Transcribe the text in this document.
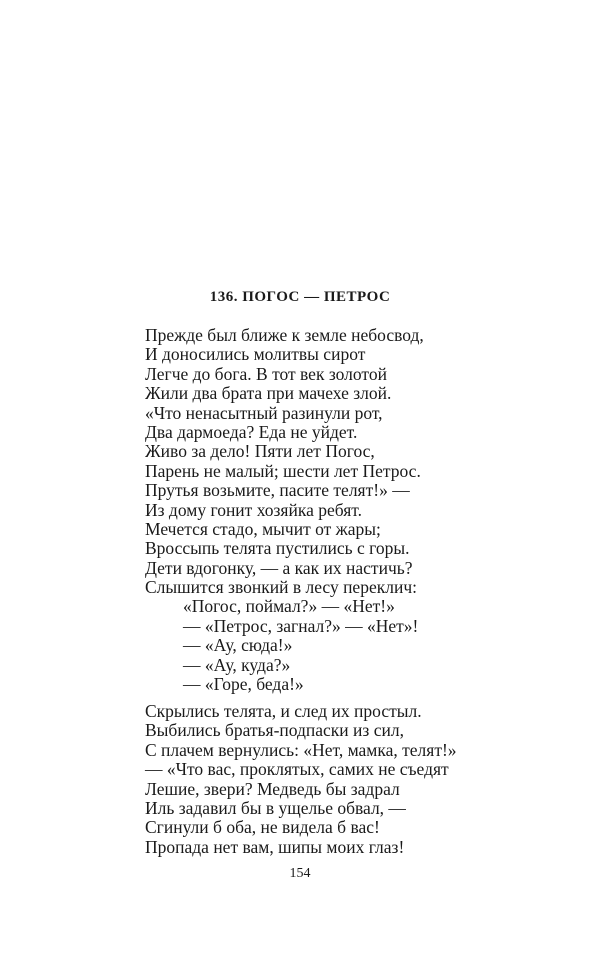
136. ПОГОС — ПЕТРОС
Прежде был ближе к земле небосвод,
И доносились молитвы сирот
Легче до бога. В тот век золотой
Жили два брата при мачехе злой.
«Что ненасытный разинули рот,
Два дармоеда? Еда не уйдет.
Живо за дело! Пяти лет Погос,
Парень не малый; шести лет Петрос.
Прутья возьмите, пасите телят!» —
Из дому гонит хозяйка ребят.
Мечется стадо, мычит от жары;
Вроссыпь телята пустились с горы.
Дети вдогонку, — а как их настичь?
Слышится звонкий в лесу переклич:
«Погос, поймал?» — «Нет!»
— «Петрос, загнал?» — «Нет»!
— «Ау, сюда!»
— «Ау, куда?»
— «Горе, беда!»
Скрылись телята, и след их простыл.
Выбились братья-подпаски из сил,
С плачем вернулись: «Нет, мамка, телят!»
— «Что вас, проклятых, самих не съедят
Лешие, звери? Медведь бы задрал
Иль задавил бы в ущелье обвал, —
Сгинули б оба, не видела б вас!
Пропада нет вам, шипы моих глаз!
154
